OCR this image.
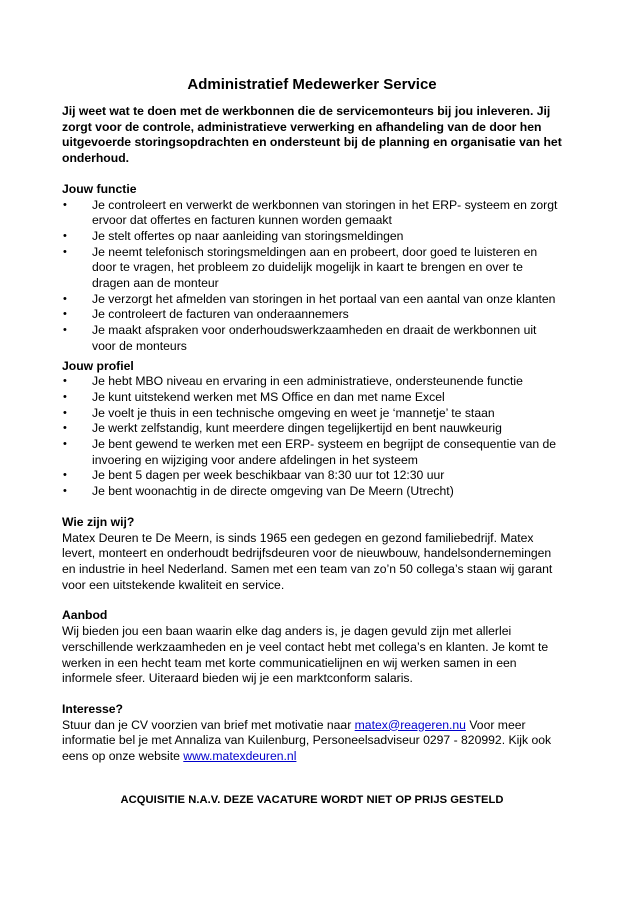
Administratief Medewerker Service
Jij weet wat te doen met de werkbonnen die de servicemonteurs bij jou inleveren. Jij zorgt voor de controle, administratieve verwerking en afhandeling van de door hen uitgevoerde storingsopdrachten en ondersteunt bij de planning en organisatie van het onderhoud.
Jouw functie
• Je controleert en verwerkt de werkbonnen van storingen in het ERP- systeem en zorgt ervoor dat offertes en facturen kunnen worden gemaakt
• Je stelt offertes op naar aanleiding van storingsmeldingen
• Je neemt telefonisch storingsmeldingen aan en probeert, door goed te luisteren en door te vragen, het probleem zo duidelijk mogelijk in kaart te brengen en over te dragen aan de monteur
• Je verzorgt het afmelden van storingen in het portaal van een aantal van onze klanten
• Je controleert de facturen van onderaannemers
• Je maakt afspraken voor onderhoudswerkzaamheden en draait de werkbonnen uit voor de monteurs
Jouw profiel
• Je hebt MBO niveau en ervaring in een administratieve, ondersteunende functie
• Je kunt uitstekend werken met MS Office en dan met name Excel
• Je voelt je thuis in een technische omgeving en weet je ‘mannetje’ te staan
• Je werkt zelfstandig, kunt meerdere dingen tegelijkertijd en bent nauwkeurig
• Je bent gewend te werken met een ERP- systeem en begrijpt de consequentie van de invoering en wijziging voor andere afdelingen in het systeem
• Je bent 5 dagen per week beschikbaar van 8:30 uur tot 12:30 uur
• Je bent woonachtig in de directe omgeving van De Meern (Utrecht)
Wie zijn wij?

Matex Deuren te De Meern, is sinds 1965 een gedegen en gezond familiebedrijf. Matex levert, monteert en onderhoudt bedrijfsdeuren voor de nieuwbouw, handelsondernemingen en industrie in heel Nederland. Samen met een team van zo’n 50 collega’s staan wij garant voor een uitstekende kwaliteit en service.

Aanbod

Wij bieden jou een baan waarin elke dag anders is, je dagen gevuld zijn met allerlei verschillende werkzaamheden en je veel contact hebt met collega’s en klanten. Je komt te werken in een hecht team met korte communicatielijnen en wij werken samen in een informele sfeer. Uiteraard bieden wij je een marktconform salaris.

Interesse?

Stuur dan je CV voorzien van brief met motivatie naar matex@reageren.nu Voor meer informatie bel je met Annaliza van Kuilenburg, Personeelsadviseur 0297 - 820992. Kijk ook eens op onze website www.matexdeuren.nl

ACQUISITIE N.A.V. DEZE VACATURE WORDT NIET OP PRIJS GESTELD
